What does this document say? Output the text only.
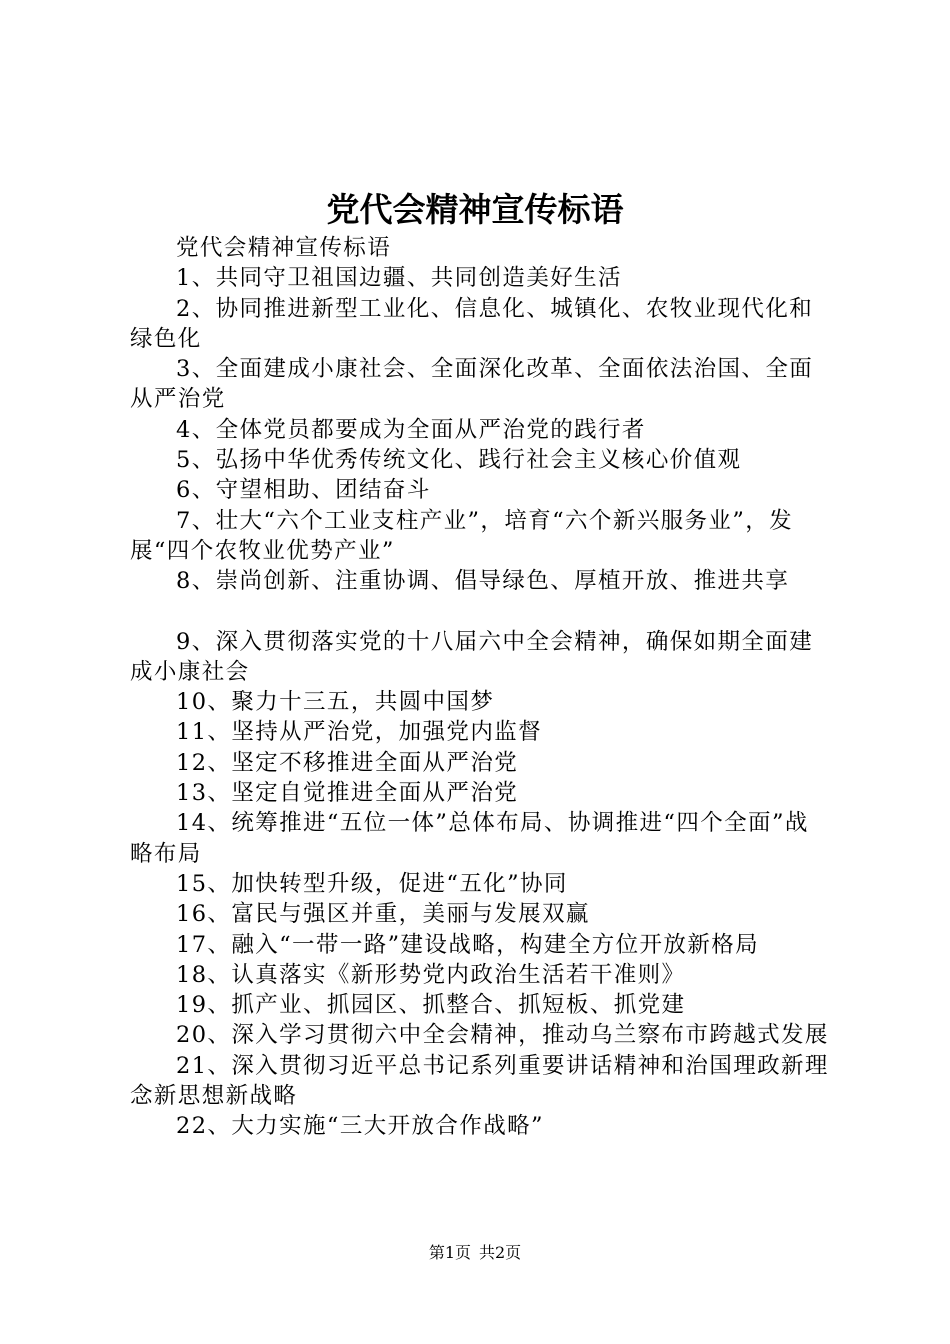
党代会精神宣传标语

党代会精神宣传标语

1、共同守卫祖国边疆、共同创造美好生活

2、协同推进新型工业化、信息化、城镇化、农牧业现代化和绿色化

3、全面建成小康社会、全面深化改革、全面依法治国、全面从严治党

4、全体党员都要成为全面从严治党的践行者

5、弘扬中华优秀传统文化、践行社会主义核心价值观

6、守望相助、团结奋斗

7、壮大“六个工业支柱产业”，培育“六个新兴服务业”，发展“四个农牧业优势产业”

8、崇尚创新、注重协调、倡导绿色、厚植开放、推进共享

9、深入贯彻落实党的十八届六中全会精神，确保如期全面建成小康社会

10、聚力十三五，共圆中国梦

11、坚持从严治党，加强党内监督

12、坚定不移推进全面从严治党

13、坚定自觉推进全面从严治党

14、统筹推进“五位一体”总体布局、协调推进“四个全面”战略布局

15、加快转型升级，促进“五化”协同

16、富民与强区并重，美丽与发展双赢

17、融入“一带一路”建设战略，构建全方位开放新格局

18、认真落实《新形势党内政治生活若干准则》

19、抓产业、抓园区、抓整合、抓短板、抓党建

20、深入学习贯彻六中全会精神，推动乌兰察布市跨越式发展

21、深入贯彻习近平总书记系列重要讲话精神和治国理政新理念新思想新战略

22、大力实施“三大开放合作战略”

第1页 共2页
